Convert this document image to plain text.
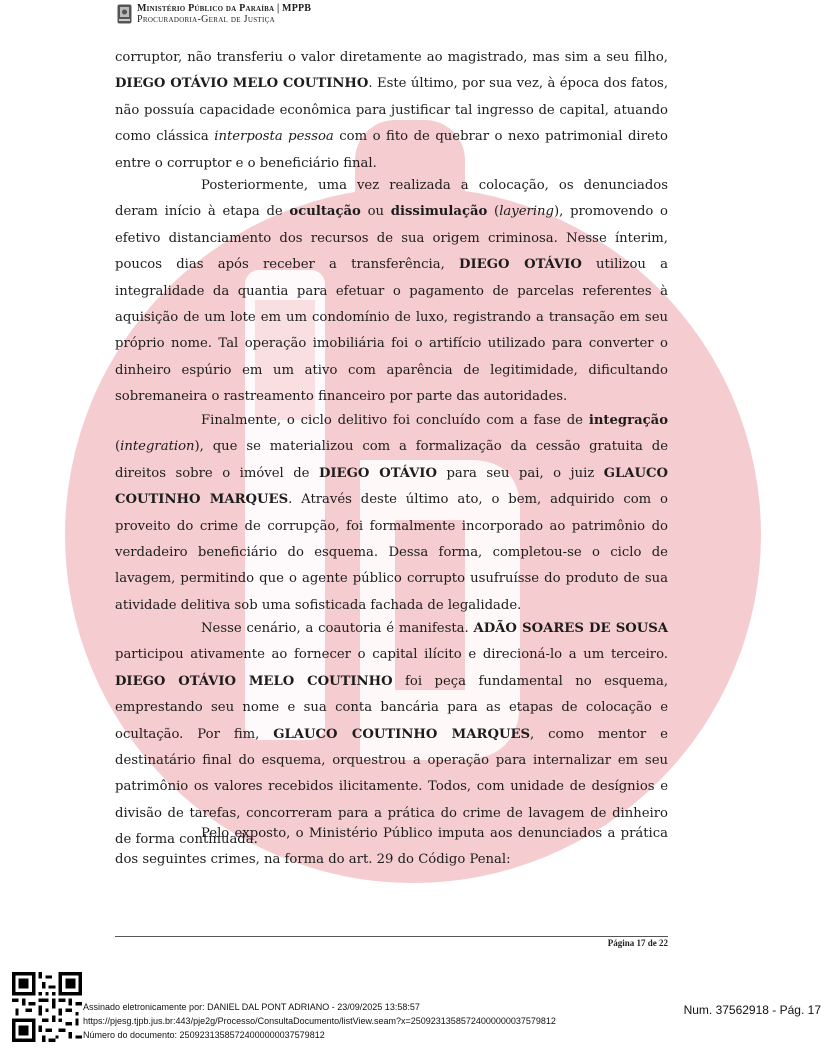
Ministério Público da Paraíba | MPPB
Procuradoria-Geral de Justiça

corruptor, não transferiu o valor diretamente ao magistrado, mas sim a seu filho, DIEGO OTÁVIO MELO COUTINHO. Este último, por sua vez, à época dos fatos, não possuía capacidade econômica para justificar tal ingresso de capital, atuando como clássica interposta pessoa com o fito de quebrar o nexo patrimonial direto entre o corruptor e o beneficiário final.

Posteriormente, uma vez realizada a colocação, os denunciados deram início à etapa de ocultação ou dissimulação (layering), promovendo o efetivo distanciamento dos recursos de sua origem criminosa. Nesse ínterim, poucos dias após receber a transferência, DIEGO OTÁVIO utilizou a integralidade da quantia para efetuar o pagamento de parcelas referentes à aquisição de um lote em um condomínio de luxo, registrando a transação em seu próprio nome. Tal operação imobiliária foi o artifício utilizado para converter o dinheiro espúrio em um ativo com aparência de legitimidade, dificultando sobremaneira o rastreamento financeiro por parte das autoridades.

Finalmente, o ciclo delitivo foi concluído com a fase de integração (integration), que se materializou com a formalização da cessão gratuita de direitos sobre o imóvel de DIEGO OTÁVIO para seu pai, o juiz GLAUCO COUTINHO MARQUES. Através deste último ato, o bem, adquirido com o proveito do crime de corrupção, foi formalmente incorporado ao patrimônio do verdadeiro beneficiário do esquema. Dessa forma, completou-se o ciclo de lavagem, permitindo que o agente público corrupto usufruísse do produto de sua atividade delitiva sob uma sofisticada fachada de legalidade.

Nesse cenário, a coautoria é manifesta. ADÃO SOARES DE SOUSA participou ativamente ao fornecer o capital ilícito e direcioná-lo a um terceiro. DIEGO OTÁVIO MELO COUTINHO foi peça fundamental no esquema, emprestando seu nome e sua conta bancária para as etapas de colocação e ocultação. Por fim, GLAUCO COUTINHO MARQUES, como mentor e destinatário final do esquema, orquestrou a operação para internalizar em seu patrimônio os valores recebidos ilicitamente. Todos, com unidade de desígnios e divisão de tarefas, concorreram para a prática do crime de lavagem de dinheiro de forma continuada.

Pelo exposto, o Ministério Público imputa aos denunciados a prática dos seguintes crimes, na forma do art. 29 do Código Penal:

Página 17 de 22
Assinado eletronicamente por: DANIEL DAL PONT ADRIANO - 23/09/2025 13:58:57
https://pjesg.tjpb.jus.br:443/pje2g/Processo/ConsultaDocumento/listView.seam?x=25092313585724000000037579812
Número do documento: 25092313585724000000037579812
Num. 37562918 - Pág. 17
